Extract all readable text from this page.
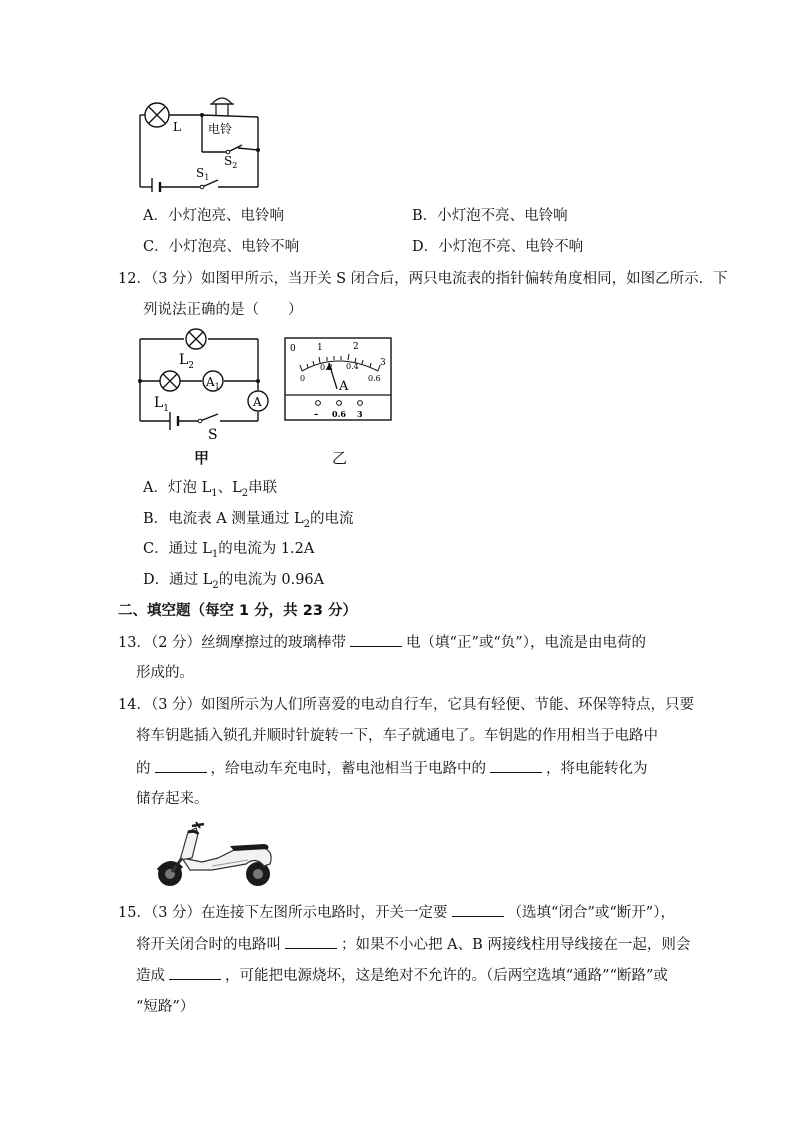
L 电铃
$S_2$
$S_1$
A．小灯泡亮、电铃响	B．小灯泡不亮、电铃响
C．小灯泡亮、电铃不响	D．小灯泡不亮、电铃不响
12．（3 分）如图甲所示，当开关 S 闭合后，两只电流表的指针偏转角度相同，如图乙所示．下
列说法正确的是（　　）
$A_1$
A
$L_2$
$L_1$
S
甲
0 1	2
3
0
0.2 0.4
0.6
A
– 0.6 3
乙
A．灯泡 $L_1$、$L_2$串联
B．电流表 A 测量通过 $L_2$的电流
C．通过 $L_1$的电流为 1.2A
D．通过 $L_2$的电流为 0.96A
二、填空题（每空 1 分，共 23 分）
13．（2 分）丝绸摩擦过的玻璃棒带	电（填“正”或“负”），电流是由电荷的
形成的。
14．（3 分）如图所示为人们所喜爱的电动自行车，它具有轻便、节能、环保等特点，只要
将车钥匙插入锁孔并顺时针旋转一下，车子就通电了。车钥匙的作用相当于电路中
的	，给电动车充电时，蓄电池相当于电路中的	，将电能转化为
储存起来。
15．（3 分）在连接下左图所示电路时，开关一定要	（选填“闭合”或“断开”），
将开关闭合时的电路叫	；如果不小心把 A、B 两接线柱用导线接在一起，则会
造成	，可能把电源烧坏，这是绝对不允许的。（后两空选填“通路”“断路”或
“短路”）
